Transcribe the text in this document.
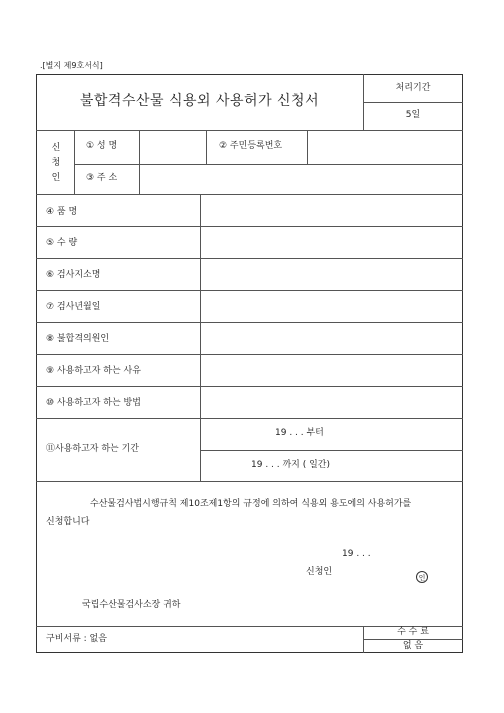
.[별지 제9호서식]
불합격수산물 식용외 사용허가 신청서
처리기간
5일
신
청
인
① 성 명	② 주민등록번호
③ 주 소
④ 품 명
⑤ 수 량
⑥ 검사지소명
⑦ 검사년월일
⑧ 불합격의원인
⑨ 사용하고자 하는 사유
⑩ 사용하고자 하는 방법
⑪사용하고자 하는 기간
19 . . . 부터
19 . . . 까지 ( 일간)
수산물검사법시행규칙 제10조제1항의 규정에 의하여 식용외 용도에의 사용허가를
신청합니다
19 . . .
신청인
인
국립수산물검사소장 귀하
구비서류 : 없음
수 수 료
없 음
